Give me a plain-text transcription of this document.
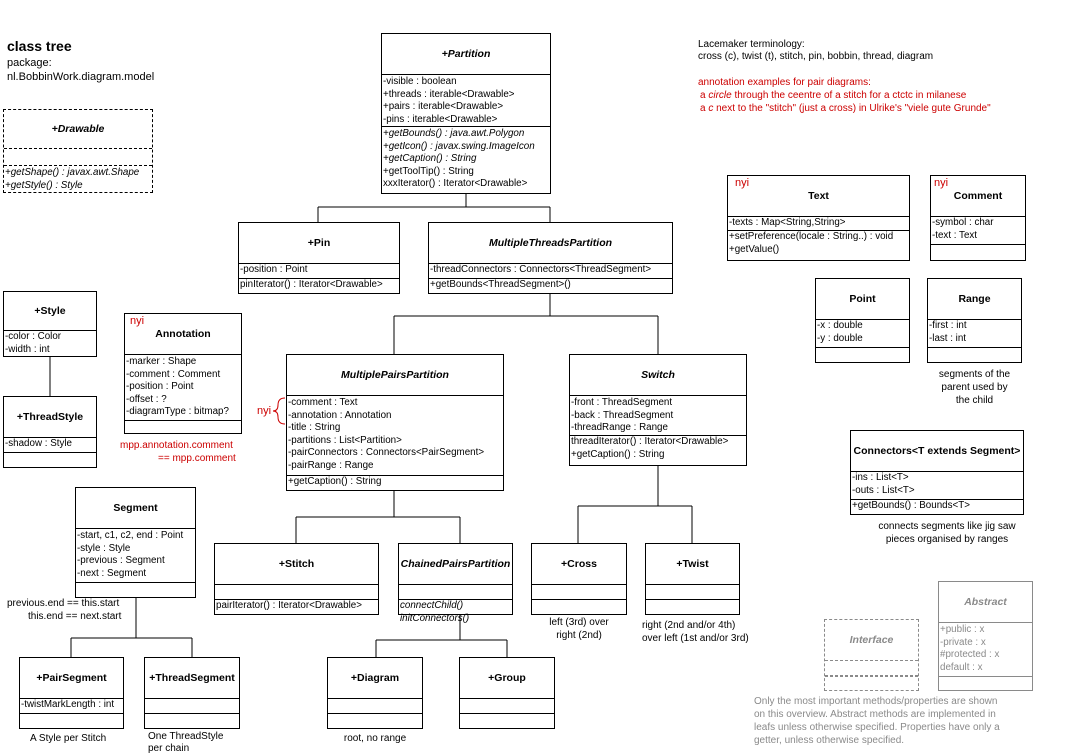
class tree
package:
nl.BobbinWork.diagram.model
Lacemaker terminology:
cross (c), twist (t), stitch, pin, bobbin, thread, diagram
annotation examples for pair diagrams:
a circle through the ceentre of a stitch for a ctctc in milanese
a c next to the "stitch" (just a cross) in Ulrike's "viele gute Grunde"
+Partition
-visible : boolean
+threads : iterable<Drawable>
+pairs : iterable<Drawable>
-pins : iterable<Drawable>
+getBounds() : java.awt.Polygon
+getIcon() : javax.swing.ImageIcon
+getCaption() : String
+getToolTip() : String
xxxIterator() : Iterator<Drawable>
+Drawable
+getShape() : javax.awt.Shape
+getStyle() : Style
+Pin
-position : Point
pinIterator() : Iterator<Drawable>
MultipleThreadsPartition
-threadConnectors : Connectors<ThreadSegment>
+getBounds<ThreadSegment>()
Text
-texts : Map<String,String>
+setPreference(locale : String..) : void
+getValue()
nyi
Comment
-symbol : char
-text : Text
nyi
Point
-x : double
-y : double
Range
-first : int
-last : int
segments of the
parent used by
the child
+Style
-color : Color
-width : int
+ThreadStyle
-shadow : Style
Annotation
-marker : Shape
-comment : Comment
-position : Point
-offset : ?
-diagramType : bitmap?
nyi
mpp.annotation.comment
== mpp.comment
MultiplePairsPartition
-comment : Text
-annotation : Annotation
-title : String
-partitions : List<Partition>
-pairConnectors : Connectors<PairSegment>
-pairRange : Range
+getCaption() : String
nyi
Switch
-front : ThreadSegment
-back : ThreadSegment
-threadRange : Range
threadIterator() : Iterator<Drawable>
+getCaption() : String	Connectors<T extends Segment>
-ins : List<T>
-outs : List<T>
+getBounds() : Bounds<T>
connects segments like jig saw
pieces organised by ranges
Segment
-start, c1, c2, end : Point
-style : Style
-previous : Segment
-next : Segment
previous.end == this.start
this.end == next.start
+Stitch
pairIterator() : Iterator<Drawable>
ChainedPairsPartition
connectChild()
initConnectors()
+Cross
left (3rd) over
right (2nd)
+Twist
right (2nd and/or 4th)
over left (1st and/or 3rd)
+PairSegment
-twistMarkLength : int
A Style per Stitch
+ThreadSegment
One ThreadStyle
per chain
+Diagram
root, no range
+Group
Interface
Abstract
+public : x
-private : x
#protected : x
default : x
Only the most important methods/properties are shown
on this overview. Abstract methods are implemented in
leafs unless otherwise specified. Properties have only a
getter, unless otherwise specified.
